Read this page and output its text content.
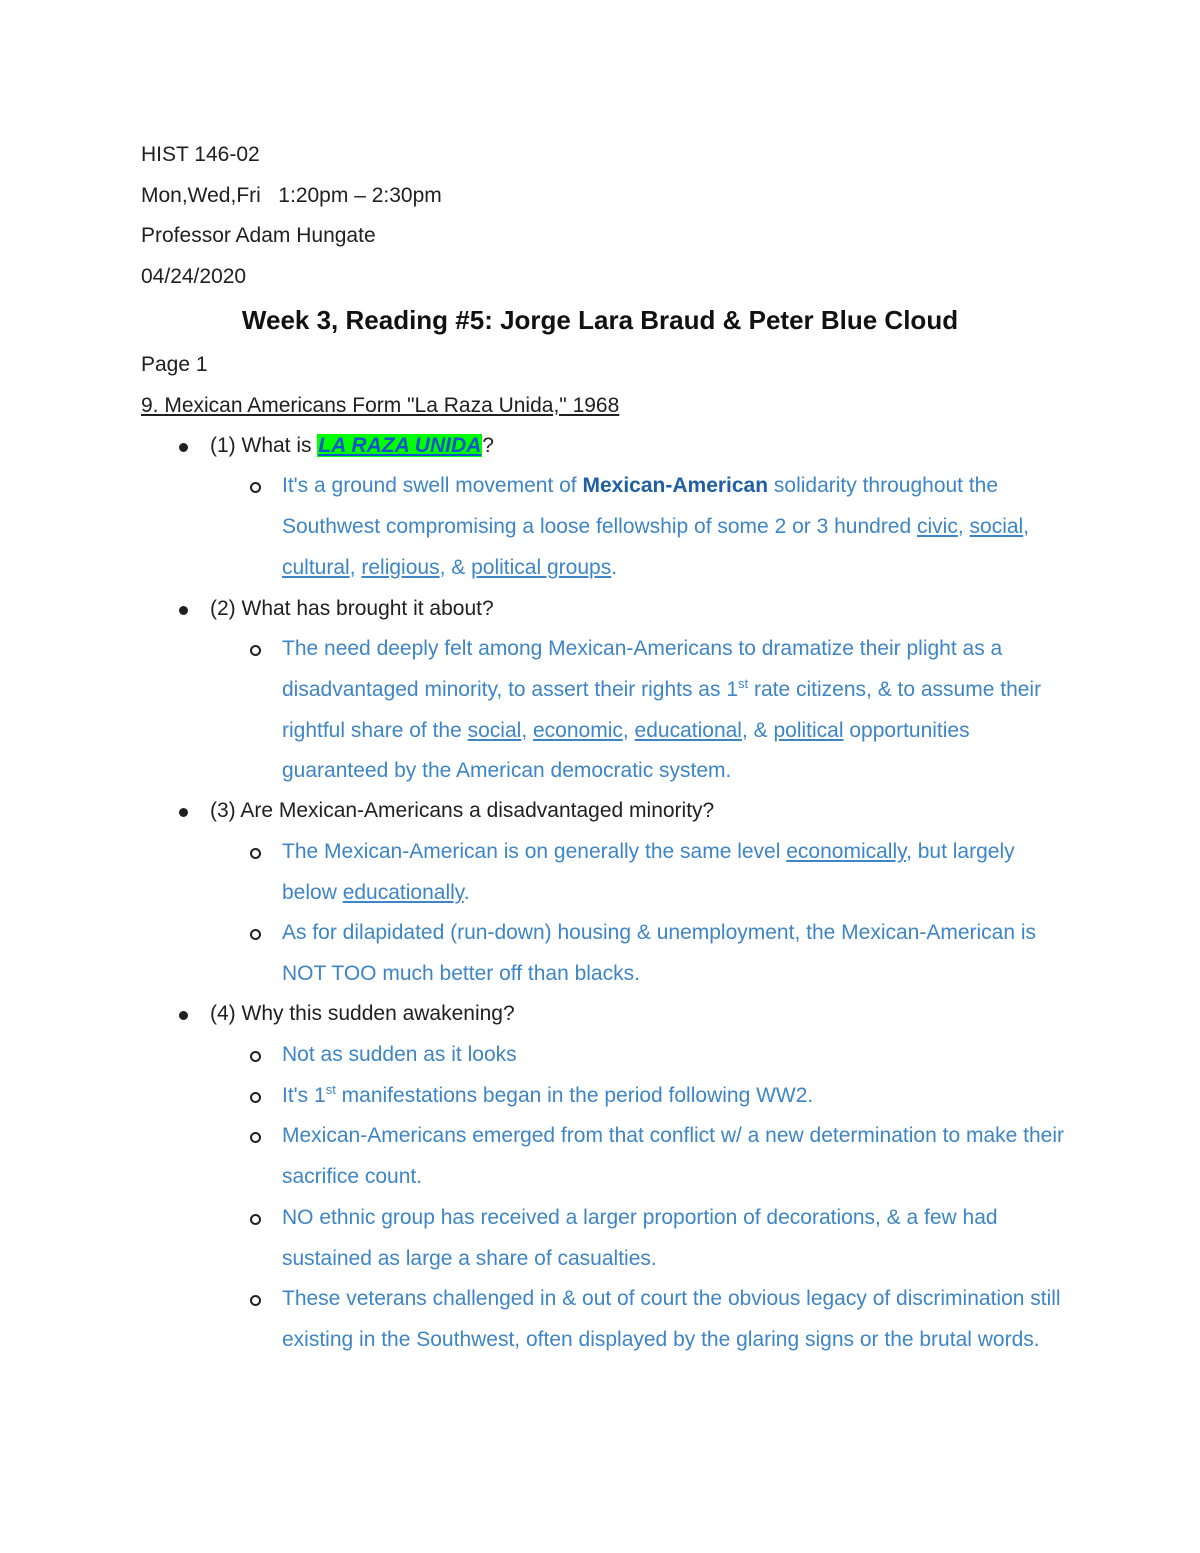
HIST 146-02
Mon,Wed,Fri   1:20pm – 2:30pm
Professor Adam Hungate
04/24/2020
Week 3, Reading #5: Jorge Lara Braud & Peter Blue Cloud
Page 1
9. Mexican Americans Form "La Raza Unida," 1968
(1) What is LA RAZA UNIDA?
It's a ground swell movement of Mexican-American solidarity throughout the Southwest compromising a loose fellowship of some 2 or 3 hundred civic, social, cultural, religious, & political groups.
(2) What has brought it about?
The need deeply felt among Mexican-Americans to dramatize their plight as a disadvantaged minority, to assert their rights as 1st rate citizens, & to assume their rightful share of the social, economic, educational, & political opportunities guaranteed by the American democratic system.
(3) Are Mexican-Americans a disadvantaged minority?
The Mexican-American is on generally the same level economically, but largely below educationally.
As for dilapidated (run-down) housing & unemployment, the Mexican-American is NOT TOO much better off than blacks.
(4) Why this sudden awakening?
Not as sudden as it looks
It's 1st manifestations began in the period following WW2.
Mexican-Americans emerged from that conflict w/ a new determination to make their sacrifice count.
NO ethnic group has received a larger proportion of decorations, & a few had sustained as large a share of casualties.
These veterans challenged in & out of court the obvious legacy of discrimination still existing in the Southwest, often displayed by the glaring signs or the brutal words.
